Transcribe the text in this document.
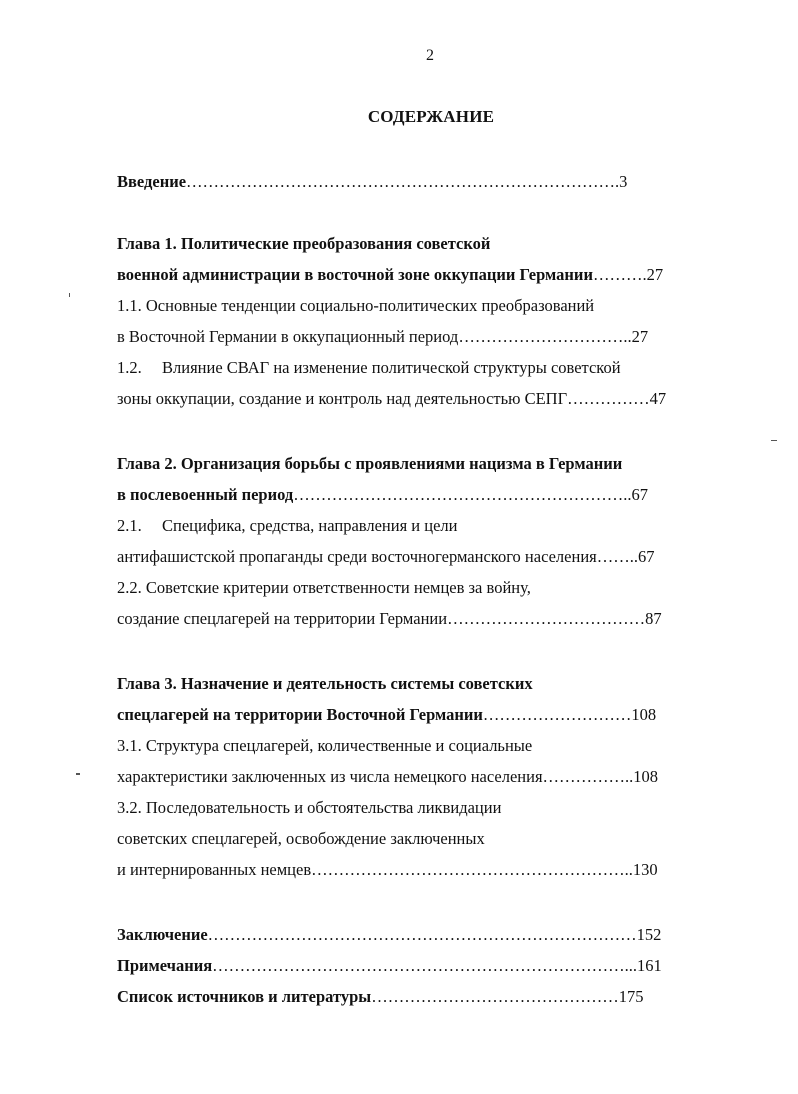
2
СОДЕРЖАНИЕ
Введение…………………………………………………………………….3
Глава 1. Политические преобразования советской
военной администрации в восточной зоне оккупации Германии……….27
1.1. Основные тенденции социально-политических преобразований
в Восточной Германии в оккупационный период…………………………..27
1.2. Влияние СВАГ на изменение политической структуры советской
зоны оккупации, создание и контроль над деятельностью СЕПГ……………47
Глава 2. Организация борьбы с проявлениями нацизма в Германии
в послевоенный период……………………………………………………..67
2.1. Специфика, средства, направления и цели
антифашистской пропаганды среди восточногерманского населения……..67
2.2. Советские критерии ответственности немцев за войну,
создание спецлагерей на территории Германии………………………………87
Глава 3. Назначение и деятельность системы советских
спецлагерей на территории Восточной Германии………………………108
3.1. Структура спецлагерей, количественные и социальные
характеристики заключенных из числа немецкого населения……………..108
3.2. Последовательность и обстоятельства ликвидации
советских спецлагерей, освобождение заключенных
и интернированных немцев…………………………………………………..130
Заключение……………………………………………………………………152
Примечания…………………………………………………………………...161
Список источников и литературы………………………………………175
